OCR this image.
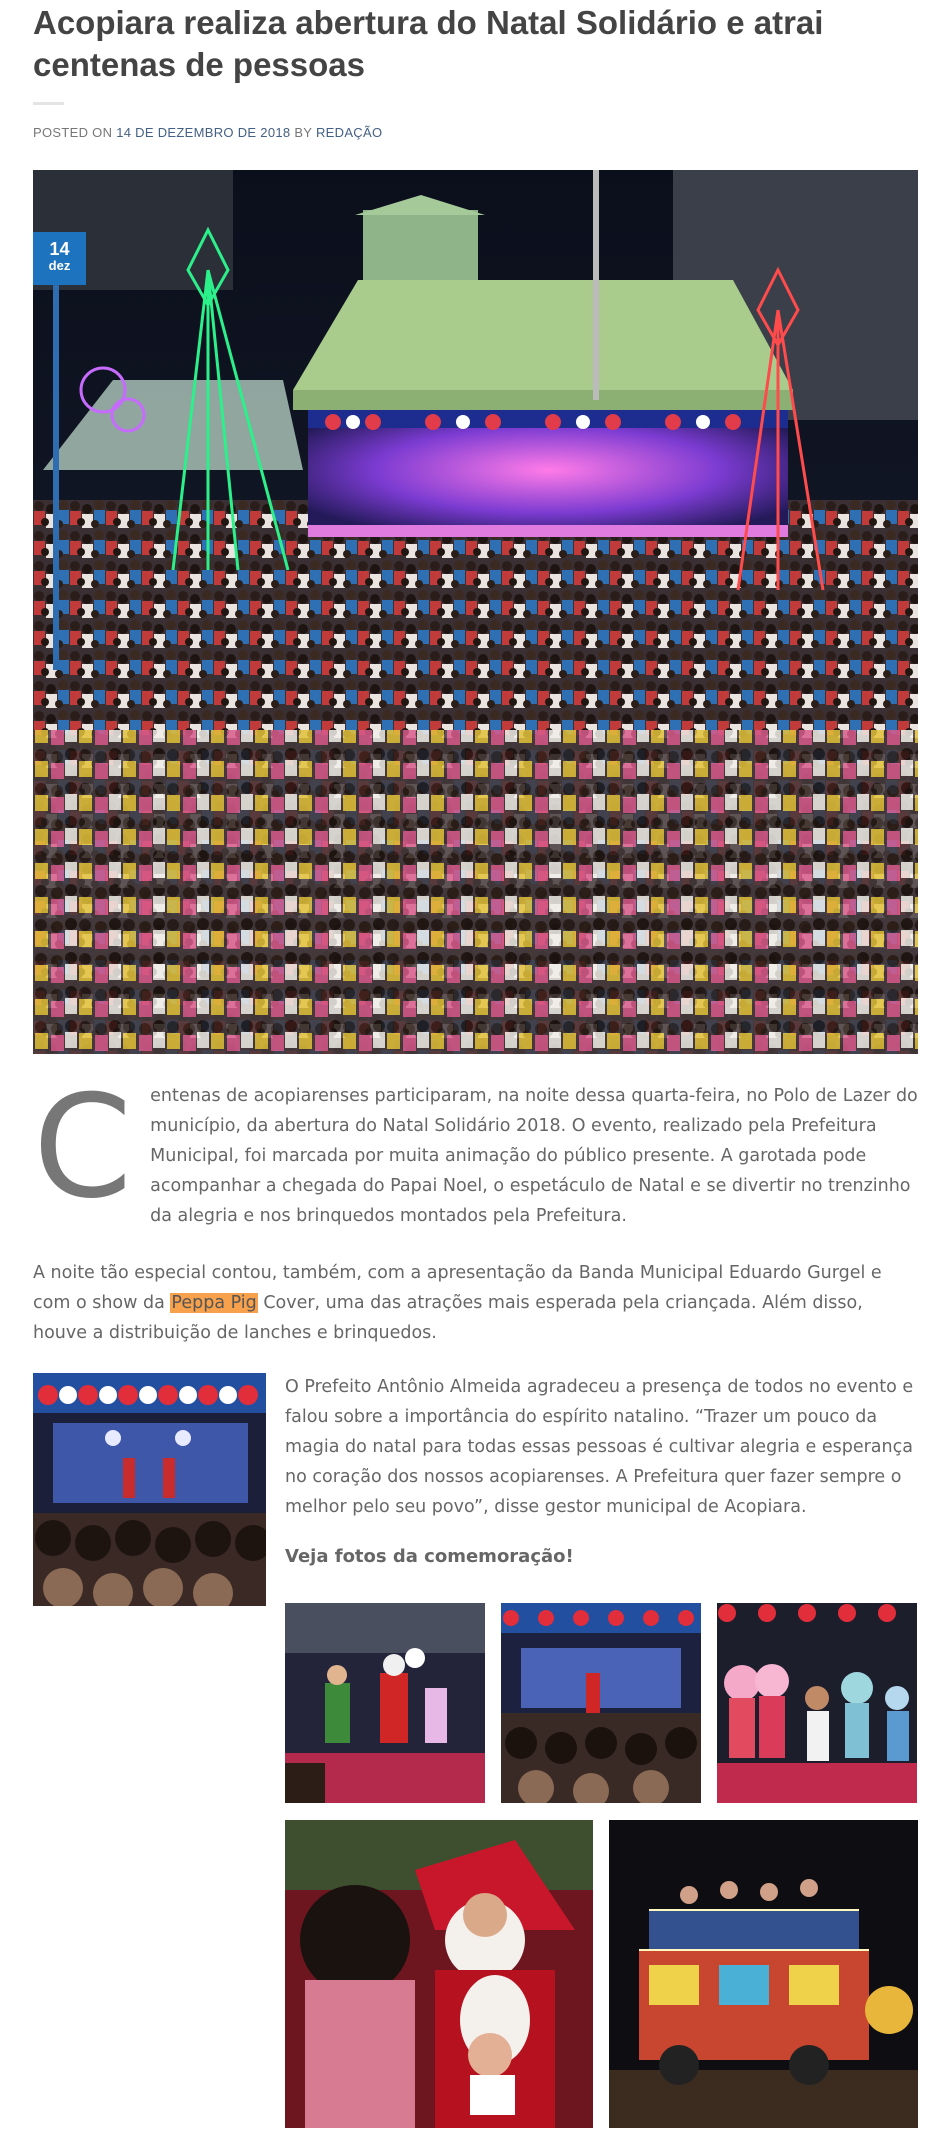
Acopiara realiza abertura do Natal Solidário e atrai centenas de pessoas
POSTED ON 14 DE DEZEMBRO DE 2018 BY REDAÇÃO
14
dez
C entenas de acopiarenses participaram, na noite dessa quarta-feira, no Polo de Lazer do município, da abertura do Natal Solidário 2018. O evento, realizado pela Prefeitura Municipal, foi marcada por muita animação do público presente. A garotada pode acompanhar a chegada do Papai Noel, o espetáculo de Natal e se divertir no trenzinho da alegria e nos brinquedos montados pela Prefeitura.
A noite tão especial contou, também, com a apresentação da Banda Municipal Eduardo Gurgel e com o show da Peppa Pig Cover, uma das atrações mais esperada pela criançada. Além disso, houve a distribuição de lanches e brinquedos.
O Prefeito Antônio Almeida agradeceu a presença de todos no evento e falou sobre a importância do espírito natalino. “Trazer um pouco da magia do natal para todas essas pessoas é cultivar alegria e esperança no coração dos nossos acopiarenses. A Prefeitura quer fazer sempre o melhor pelo seu povo”, disse gestor municipal de Acopiara.
Veja fotos da comemoração!
